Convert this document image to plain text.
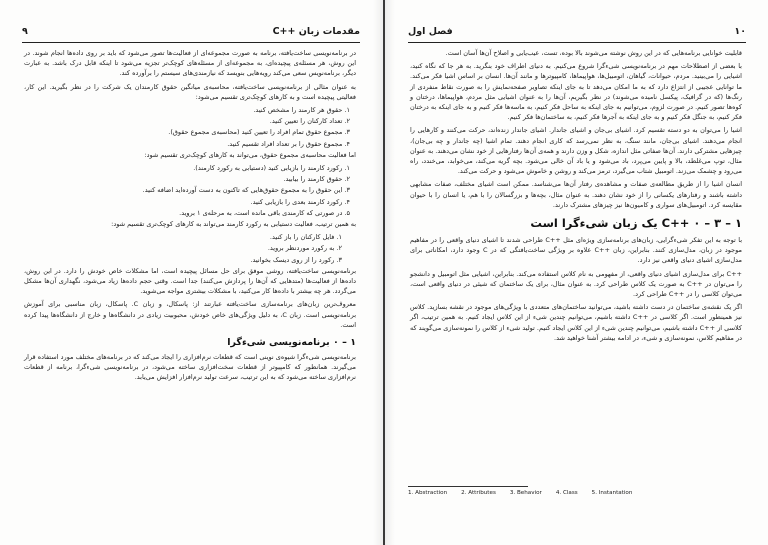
۹	مقدمات زبان ++C

در برنامه‌نویسی ساخت‌یافته، برنامه به صورت مجموعه‌ای از فعالیت‌ها تصور می‌شود که باید بر روی داده‌ها انجام شوند. در این روش، هر مسئله‌ی پیچیده‌ای، به مجموعه‌ای از مسئله‌های کوچک‌تر تجزیه می‌شود تا اینکه قابل درک باشد. به عبارت دیگر، برنامه‌نویس سعی می‌کند رویه‌هایی بنویسد که نیازمندی‌های سیستم را برآورده کند.

به عنوان مثالی از برنامه‌نویسی ساخت‌یافته، محاسبه‌ی میانگین حقوق کارمندان یک شرکت را در نظر بگیرید. این کار، فعالیتی پیچیده است و به کارهای کوچک‌تری تقسیم می‌شود:

۱. حقوق هر کارمند را مشخص کنید.
۲. تعداد کارکنان را تعیین کنید.
۳. مجموع حقوق تمام افراد را تعیین کنید (محاسبه‌ی مجموع حقوق).
۴. مجموع حقوق را بر تعداد افراد تقسیم کنید.

اما فعالیت محاسبه‌ی مجموع حقوق، می‌تواند به کارهای کوچک‌تری تقسیم شود:

۱. رکورد کارمند را بازیابی کنید (دستیابی به رکورد کارمند).
۲. حقوق کارمند را بیابید.
۳. این حقوق را به مجموع حقوق‌هایی که تاکنون به دست آورده‌اید اضافه کنید.
۴. رکورد کارمند بعدی را بازیابی کنید.
۵. در صورتی که کارمندی باقی مانده است، به مرحله‌ی ۱ بروید.

به همین ترتیب، فعالیت دستیابی به رکورد کارمند می‌تواند به کارهای کوچک‌تری تقسیم شود:

۱. فایل کارکنان را باز کنید.
۲. به رکورد موردنظر بروید.
۳. رکورد را از روی دیسک بخوانید.

برنامه‌نویسی ساخت‌یافته، روشی موفق برای حل مسائل پیچیده است، اما مشکلات خاص خودش را دارد. در این روش، داده‌ها از فعالیت‌ها (متدهایی که آن‌ها را پردازش می‌کنند) جدا است. وقتی حجم داده‌ها زیاد می‌شود، نگهداری آن‌ها مشکل می‌گردد. هر چه بیشتر با داده‌ها کار می‌کنید، با مشکلات بیشتری مواجه می‌شوید.

معروف‌ترین زبان‌های برنامه‌سازی ساخت‌یافته عبارتند از: پاسکال، و زبان C. پاسکال، زبان مناسبی برای آموزش برنامه‌نویسی است. زبان C، به دلیل ویژگی‌های خاص خودش، محبوبیت زیادی در دانشگاه‌ها و خارج از دانشگاه‌ها پیدا کرده است.

۱ – ۰ برنامه‌نویسی شیءگرا

برنامه‌نویسی شیءگرا شیوه‌ی نوینی است که قطعات نرم‌افزاری را ایجاد می‌کند که در برنامه‌های مختلف مورد استفاده قرار می‌گیرند. همانطور که کامپیوتر از قطعات سخت‌افزاری ساخته می‌شود، در برنامه‌نویسی شیءگرا، برنامه از قطعات نرم‌افزاری ساخته می‌شود که به این ترتیب، سرعت تولید نرم‌افزار افزایش می‌یابد.

۱۰
فصل اول

قابلیت خوانایی برنامه‌هایی که در این روش نوشته می‌شوند بالا بوده، تست، عیب‌یابی و اصلاح آن‌ها آسان است.

با بعضی از اصطلاحات مهم در برنامه‌نویسی شیءگرا شروع می‌کنیم. به دنیای اطراف خود بنگرید. به هر جا که نگاه کنید، اشیایی را می‌بینید. مردم، حیوانات، گیاهان، اتومبیل‌ها، هواپیماها، کامپیوترها و مانند آن‌ها. انسان بر اساس اشیا فکر می‌کند. ما توانایی عجیبی از انتزاع دارد که به ما امکان می‌دهد تا به جای اینکه تصاویر صفحه‌نمایش را به صورت نقاط منفردی از رنگ‌ها (که در گرافیک، پیکسل نامیده می‌شوند) در نظر بگیریم، آن‌ها را به عنوان اشیایی مثل مردم، هواپیماها، درختان و کوه‌ها تصور کنیم. در صورت لزوم، می‌توانیم به جای اینکه به ساحل فکر کنیم، به ماسه‌ها فکر کنیم و به جای اینکه به درختان فکر کنیم، به جنگل فکر کنیم و به جای اینکه به آجرها فکر کنیم، به ساختمان‌ها فکر کنیم.

اشیا را می‌توان به دو دسته تقسیم کرد. اشیای بی‌جان و اشیای جاندار. اشیای جاندار زنده‌اند، حرکت می‌کنند و کارهایی را انجام می‌دهند. اشیای بی‌جان، مانند سنگ، به نظر نمی‌رسد که کاری انجام دهند. تمام اشیا (چه جاندار و چه بی‌جان)، چیزهایی مشترکی دارند. آن‌ها صفاتی مثل اندازه، شکل و وزن دارند و همه‌ی آن‌ها رفتارهایی از خود نشان می‌دهند. به عنوان مثال، توپ می‌غلطد، بالا و پایین می‌پرد، باد می‌شود و یا باد آن خالی می‌شود. بچه گریه می‌کند، می‌خوابد، می‌خندد، راه می‌رود و چشمک می‌زند. اتومبیل شتاب می‌گیرد، ترمز می‌کند و روشن و خاموش می‌شود و حرکت می‌کند.

انسان اشیا را از طریق مطالعه‌ی صفات و مشاهده‌ی رفتار آن‌ها می‌شناسد. ممکن است اشیای مختلف، صفات مشابهی داشته باشند و رفتارهای یکسانی را از خود نشان دهند. به عنوان مثال، بچه‌ها و بزرگسالان را با هم، یا انسان را با حیوان مقایسه کرد. اتومبیل‌های سواری و کامیون‌ها نیز چیزهای مشترک دارند.

۱ – ۳ – ۰ ++C یک زبان شیءگرا است

با توجه به این تفکر شیءگرایی، زبان‌های برنامه‌سازی ویژه‌ای مثل ++C طراحی شدند تا اشیای دنیای واقعی را در مفاهیم موجود در زبان، مدل‌سازی کنند. بنابراین، زبان ++C علاوه بر ویژگی ساخت‌یافتگی که در C وجود دارد، امکاناتی برای مدل‌سازی اشیای دنیای واقعی نیز دارد.

++C برای مدل‌سازی اشیای دنیای واقعی، از مفهومی به نام کلاس استفاده می‌کند. بنابراین، اشیایی مثل اتومبیل و دانشجو را می‌توان در ++C به صورت یک کلاس طراحی کرد. به عنوان مثال، برای یک ساختمان که شیئی در دنیای واقعی است، می‌توان کلاسی را در ++C طراحی کرد.

اگر یک نقشه‌ی ساختمان در دست داشته باشید، می‌توانید ساختمان‌های متعددی با ویژگی‌های موجود در نقشه بسازید. کلاس نیز همینطور است. اگر کلاسی در ++C داشته باشیم، می‌توانیم چندین شیء از این کلاس ایجاد کنیم. به همین ترتیب، اگر کلاسی از ++C داشته باشیم، می‌توانیم چندین شیء از این کلاس ایجاد کنیم. تولید شیء از کلاس را نمونه‌سازی می‌گویند که در مفاهیم کلاس، نمونه‌سازی و شیء، در ادامه بیشتر آشنا خواهید شد.

1. Abstraction	2. Attributes	3. Behavior	4. Class	5. Instantation
